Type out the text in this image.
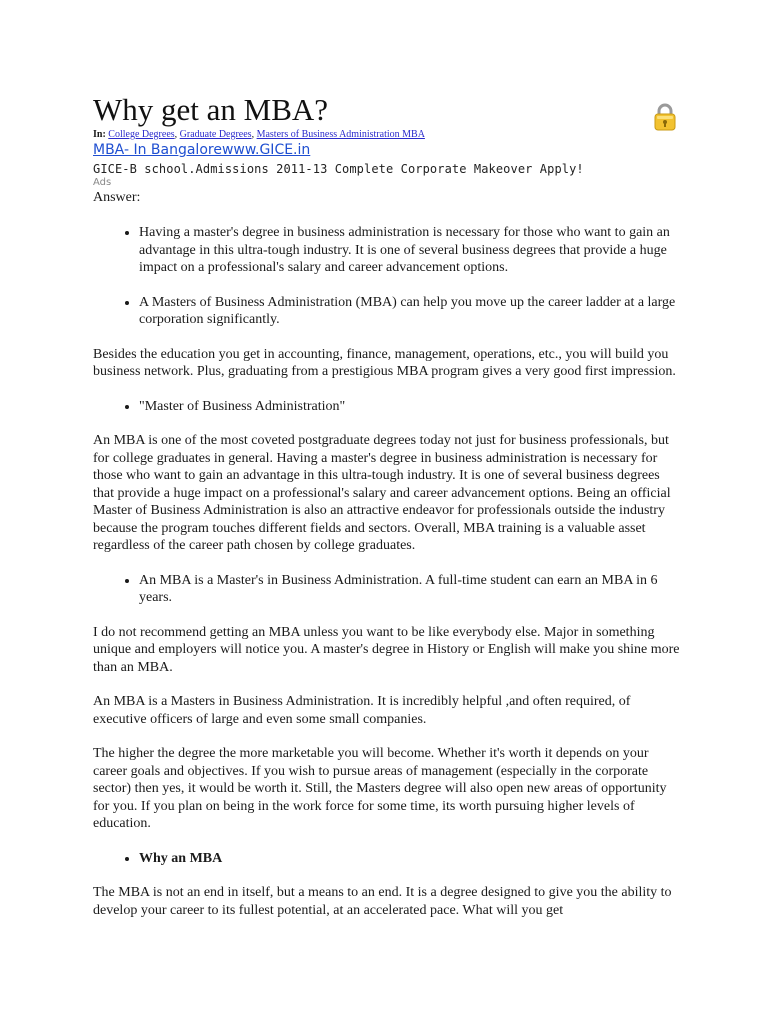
Why get an MBA?
In: College Degrees, Graduate Degrees, Masters of Business Administration MBA
MBA- In Bangalorewww.GICE.in
GICE-B school.Admissions 2011-13 Complete Corporate Makeover Apply!
Ads
Answer:
• Having a master's degree in business administration is necessary for those who want to gain an advantage in this ultra-tough industry. It is one of several business degrees that provide a huge impact on a professional's salary and career advancement options.
• A Masters of Business Administration (MBA) can help you move up the career ladder at a large corporation significantly.

Besides the education you get in accounting, finance, management, operations, etc., you will build you business network. Plus, graduating from a prestigious MBA program gives a very good first impression.

• "Master of Business Administration"

An MBA is one of the most coveted postgraduate degrees today not just for business professionals, but for college graduates in general. Having a master's degree in business administration is necessary for those who want to gain an advantage in this ultra-tough industry. It is one of several business degrees that provide a huge impact on a professional's salary and career advancement options. Being an official Master of Business Administration is also an attractive endeavor for professionals outside the industry because the program touches different fields and sectors. Overall, MBA training is a valuable asset regardless of the career path chosen by college graduates.

• An MBA is a Master's in Business Administration. A full-time student can earn an MBA in 6 years.

I do not recommend getting an MBA unless you want to be like everybody else. Major in something unique and employers will notice you. A master's degree in History or English will make you shine more than an MBA.

An MBA is a Masters in Business Administration. It is incredibly helpful ,and often required, of executive officers of large and even some small companies.

The higher the degree the more marketable you will become. Whether it's worth it depends on your career goals and objectives. If you wish to pursue areas of management (especially in the corporate sector) then yes, it would be worth it. Still, the Masters degree will also open new areas of opportunity for you. If you plan on being in the work force for some time, its worth pursuing higher levels of education.

• Why an MBA

The MBA is not an end in itself, but a means to an end. It is a degree designed to give you the ability to develop your career to its fullest potential, at an accelerated pace. What will you get
